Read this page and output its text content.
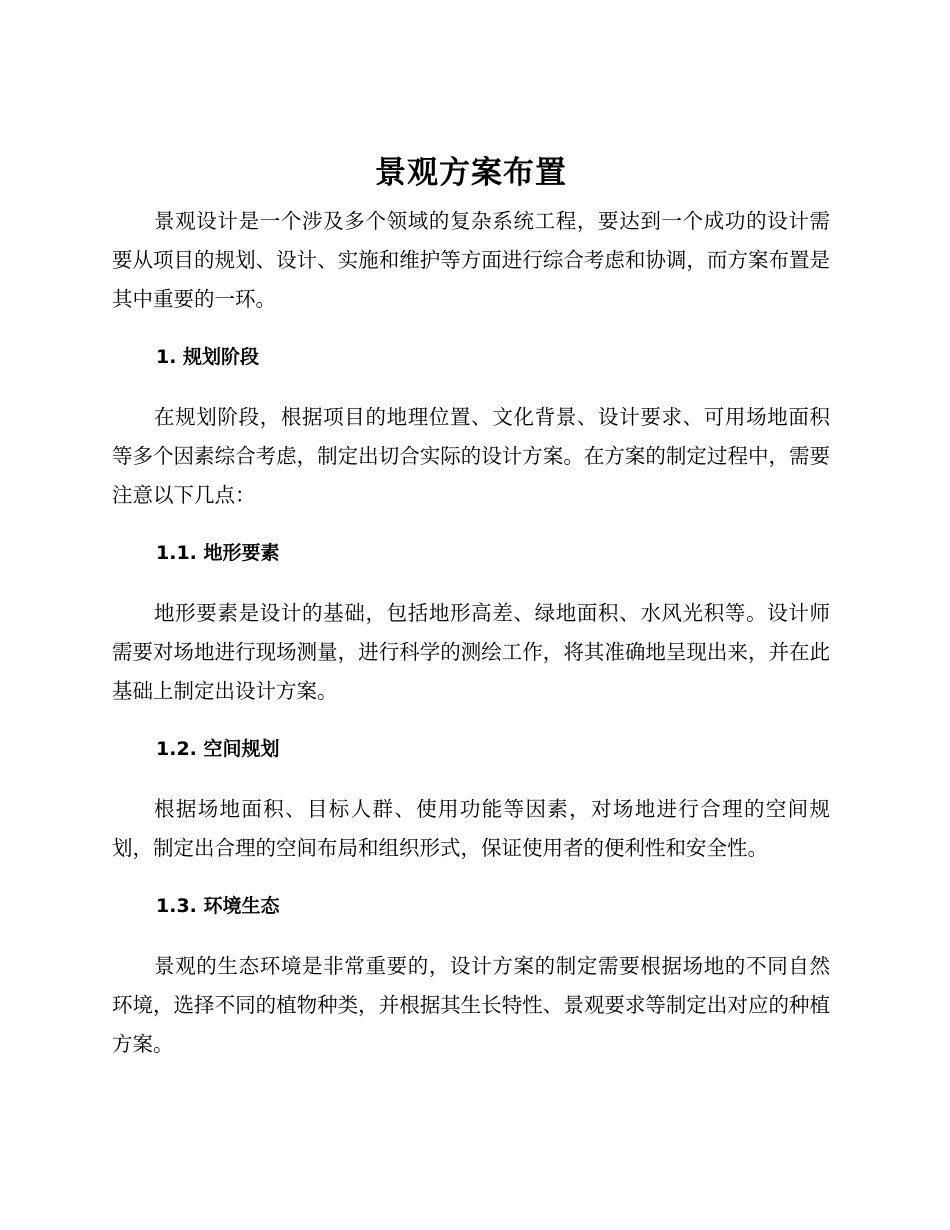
景观方案布置

景观设计是一个涉及多个领域的复杂系统工程，要达到一个成功的设计需要从项目的规划、设计、实施和维护等方面进行综合考虑和协调，而方案布置是其中重要的一环。

1. 规划阶段

在规划阶段，根据项目的地理位置、文化背景、设计要求、可用场地面积等多个因素综合考虑，制定出切合实际的设计方案。在方案的制定过程中，需要注意以下几点：

1.1. 地形要素

地形要素是设计的基础，包括地形高差、绿地面积、水风光积等。设计师需要对场地进行现场测量，进行科学的测绘工作，将其准确地呈现出来，并在此基础上制定出设计方案。

1.2. 空间规划

根据场地面积、目标人群、使用功能等因素，对场地进行合理的空间规划，制定出合理的空间布局和组织形式，保证使用者的便利性和安全性。

1.3. 环境生态

景观的生态环境是非常重要的，设计方案的制定需要根据场地的不同自然环境，选择不同的植物种类，并根据其生长特性、景观要求等制定出对应的种植方案。
